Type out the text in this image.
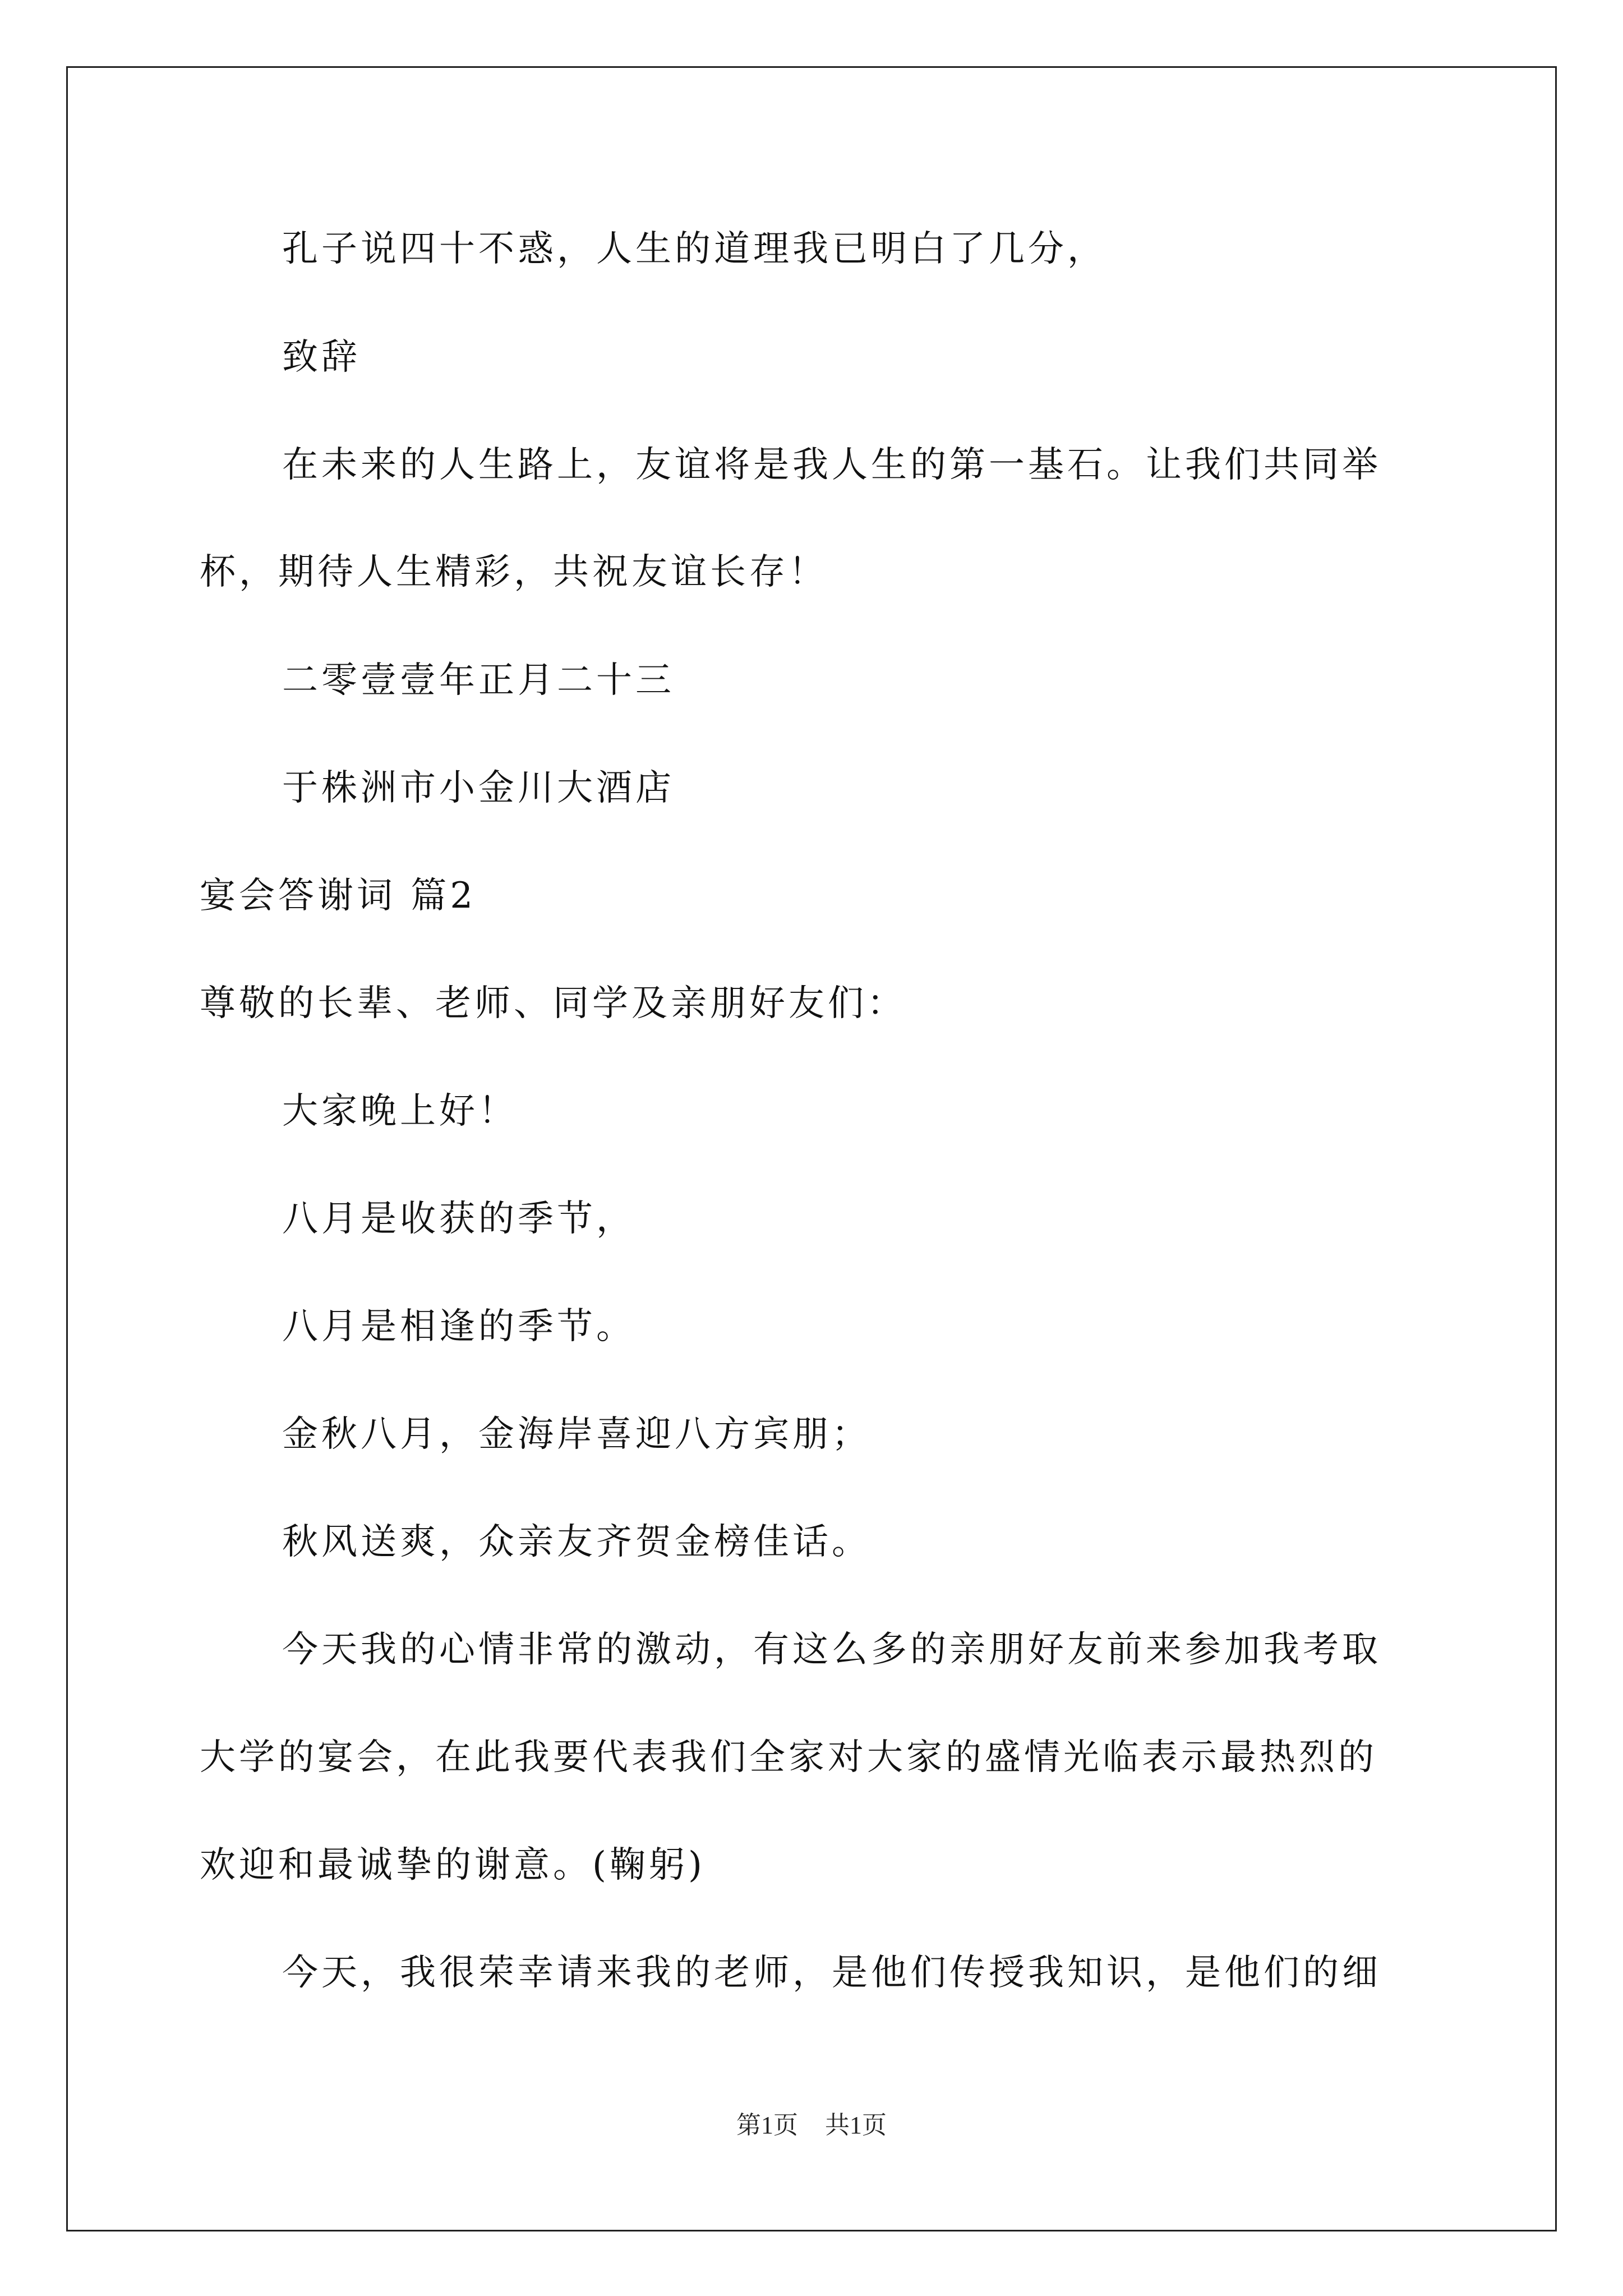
孔子说四十不惑，人生的道理我已明白了几分，
致辞
在未来的人生路上，友谊将是我人生的第一基石。让我们共同举
杯，期待人生精彩，共祝友谊长存！
二零壹壹年正月二十三
于株洲市小金川大酒店
宴会答谢词 篇2
尊敬的长辈、老师、同学及亲朋好友们：
大家晚上好！
八月是收获的季节，
八月是相逢的季节。
金秋八月，金海岸喜迎八方宾朋；
秋风送爽，众亲友齐贺金榜佳话。
今天我的心情非常的激动，有这么多的亲朋好友前来参加我考取
大学的宴会，在此我要代表我们全家对大家的盛情光临表示最热烈的
欢迎和最诚挚的谢意。(鞠躬)
今天，我很荣幸请来我的老师，是他们传授我知识，是他们的细
第1页 共1页
